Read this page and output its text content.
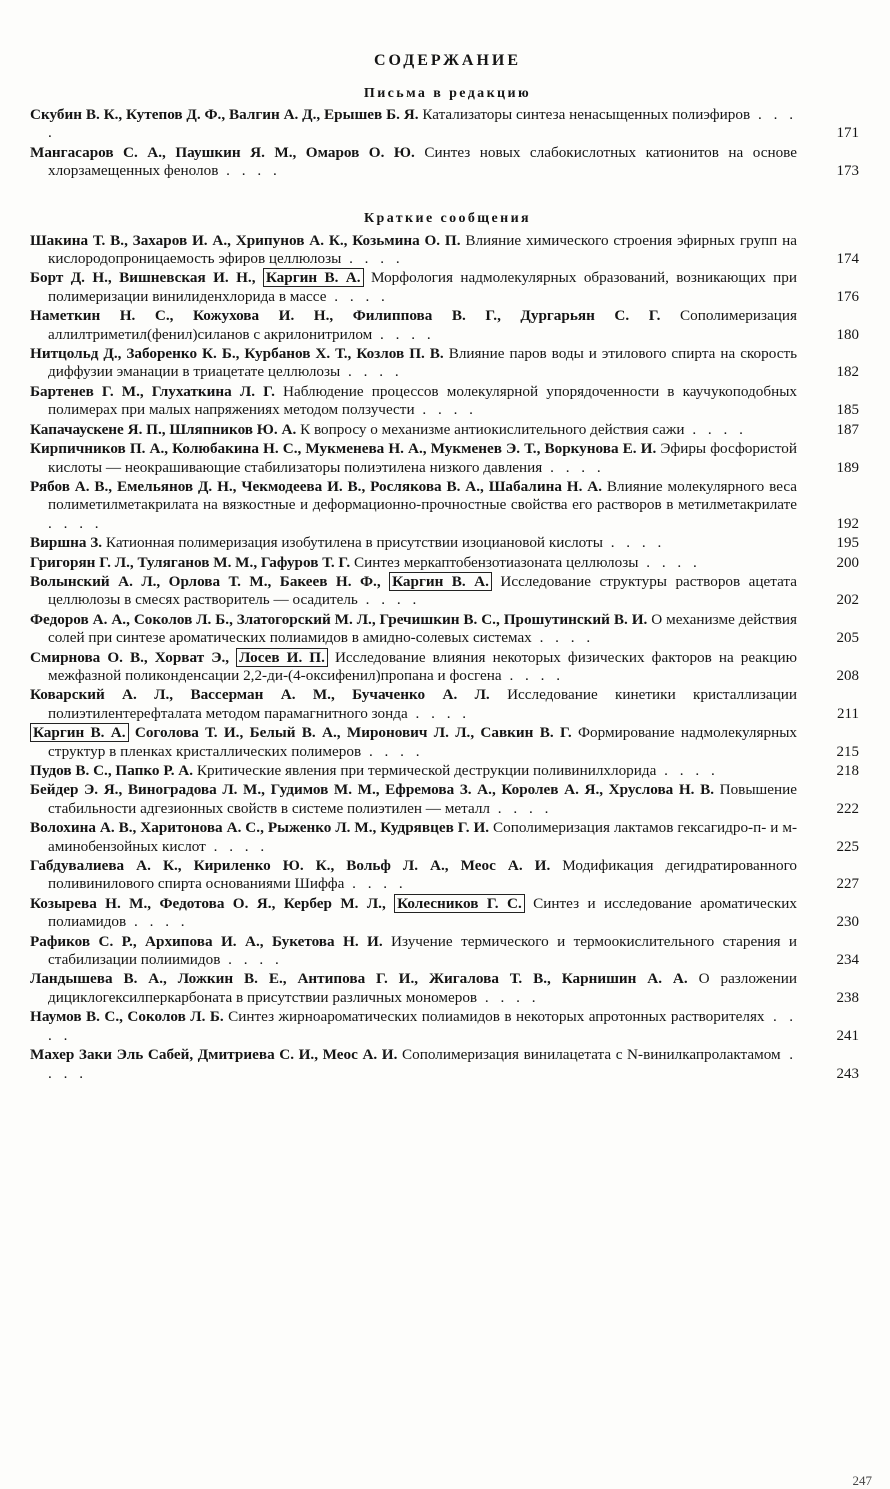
СОДЕРЖАНИЕ
Письма в редакцию
Скубин В. К., Кутепов Д. Ф., Валгин А. Д., Ерышев Б. Я. Катализаторы синтеза ненасыщенных полиэфиров . . . .	171
Мангасаров С. А., Паушкин Я. М., Омаров О. Ю. Синтез новых слабокислотных катионитов на основе хлорзамещенных фенолов . . . .	173
Краткие сообщения
Шакина Т. В., Захаров И. А., Хрипунов А. К., Козьмина О. П. Влияние химического строения эфирных групп на кислородопроницаемость эфиров целлюлозы . . . .	174
Борт Д. Н., Вишневская И. Н., Каргин В. А. Морфология надмолекулярных образований, возникающих при полимеризации винилиденхлорида в массе . . . .	176
Наметкин Н. С., Кожухова И. Н., Филиппова В. Г., Дургарьян С. Г. Сополимеризация аллилтриметил(фенил)силанов с акрилонитрилом . . . .	180
Нитцольд Д., Заборенко К. Б., Курбанов Х. Т., Козлов П. В. Влияние паров воды и этилового спирта на скорость диффузии эманации в триацетате целлюлозы . . . .	182
Бартенев Г. М., Глухаткина Л. Г. Наблюдение процессов молекулярной упорядоченности в каучукоподобных полимерах при малых напряжениях методом ползучести . . . .	185
Капачаускене Я. П., Шляпников Ю. А. К вопросу о механизме антиокислительного действия сажи . . . .	187
Кирпичников П. А., Колюбакина Н. С., Мукменева Н. А., Мукменев Э. Т., Воркунова Е. И. Эфиры фосфористой кислоты — неокрашивающие стабилизаторы полиэтилена низкого давления . . . .	189
Рябов А. В., Емельянов Д. Н., Чекмодеева И. В., Рослякова В. А., Шабалина Н. А. Влияние молекулярного веса полиметилметакрилата на вязкостные и деформационно-прочностные свойства его растворов в метилметакрилате . . . .	192
Виршна З. Катионная полимеризация изобутилена в присутствии изоциановой кислоты . . . .	195
Григорян Г. Л., Туляганов М. М., Гафуров Т. Г. Синтез меркаптобензотиазоната целлюлозы . . . .	200
Волынский А. Л., Орлова Т. М., Бакеев Н. Ф., Каргин В. А. Исследование структуры растворов ацетата целлюлозы в смесях растворитель — осадитель . . . .	202
Федоров А. А., Соколов Л. Б., Златогорский М. Л., Гречишкин В. С., Прошутинский В. И. О механизме действия солей при синтезе ароматических полиамидов в амидно-солевых системах . . . .	205
Смирнова О. В., Хорват Э., Лосев И. П. Исследование влияния некоторых физических факторов на реакцию межфазной поликонденсации 2,2-ди-(4-оксифенил)пропана и фосгена . . . .	208
Коварский А. Л., Вассерман А. М., Бучаченко А. Л. Исследование кинетики кристаллизации полиэтилентерефталата методом парамагнитного зонда . . . .	211
Каргин В. А. Соголова Т. И., Белый В. А., Миронович Л. Л., Савкин В. Г. Формирование надмолекулярных структур в пленках кристаллических полимеров . . . .	215
Пудов В. С., Папко Р. А. Критические явления при термической деструкции поливинилхлорида . . . .	218
Бейдер Э. Я., Виноградова Л. М., Гудимов М. М., Ефремова З. А., Королев А. Я., Хруслова Н. В. Повышение стабильности адгезионных свойств в системе полиэтилен — металл . . . .	222
Волохина А. В., Харитонова А. С., Рыженко Л. М., Кудрявцев Г. И. Сополимеризация лактамов гексагидро-п- и м-аминобензойных кислот . . . .	225
Габдувалиева А. К., Кириленко Ю. К., Вольф Л. А., Меос А. И. Модификация дегидратированного поливинилового спирта основаниями Шиффа . . . .	227
Козырева Н. М., Федотова О. Я., Кербер М. Л., Колесников Г. С. Синтез и исследование ароматических полиамидов . . . .	230
Рафиков С. Р., Архипова И. А., Букетова Н. И. Изучение термического и термоокислительного старения и стабилизации полиимидов . . . .	234
Ландышева В. А., Ложкин В. Е., Антипова Г. И., Жигалова Т. В., Карнишин А. А. О разложении дициклогексилперкарбоната в присутствии различных мономеров . . . .	238
Наумов В. С., Соколов Л. Б. Синтез жирноароматических полиамидов в некоторых апротонных растворителях . . . .	241
Махер Заки Эль Сабей, Дмитриева С. И., Меос А. И. Сополимеризация винилацетата с N-винилкапролактамом . . . .	243
247
